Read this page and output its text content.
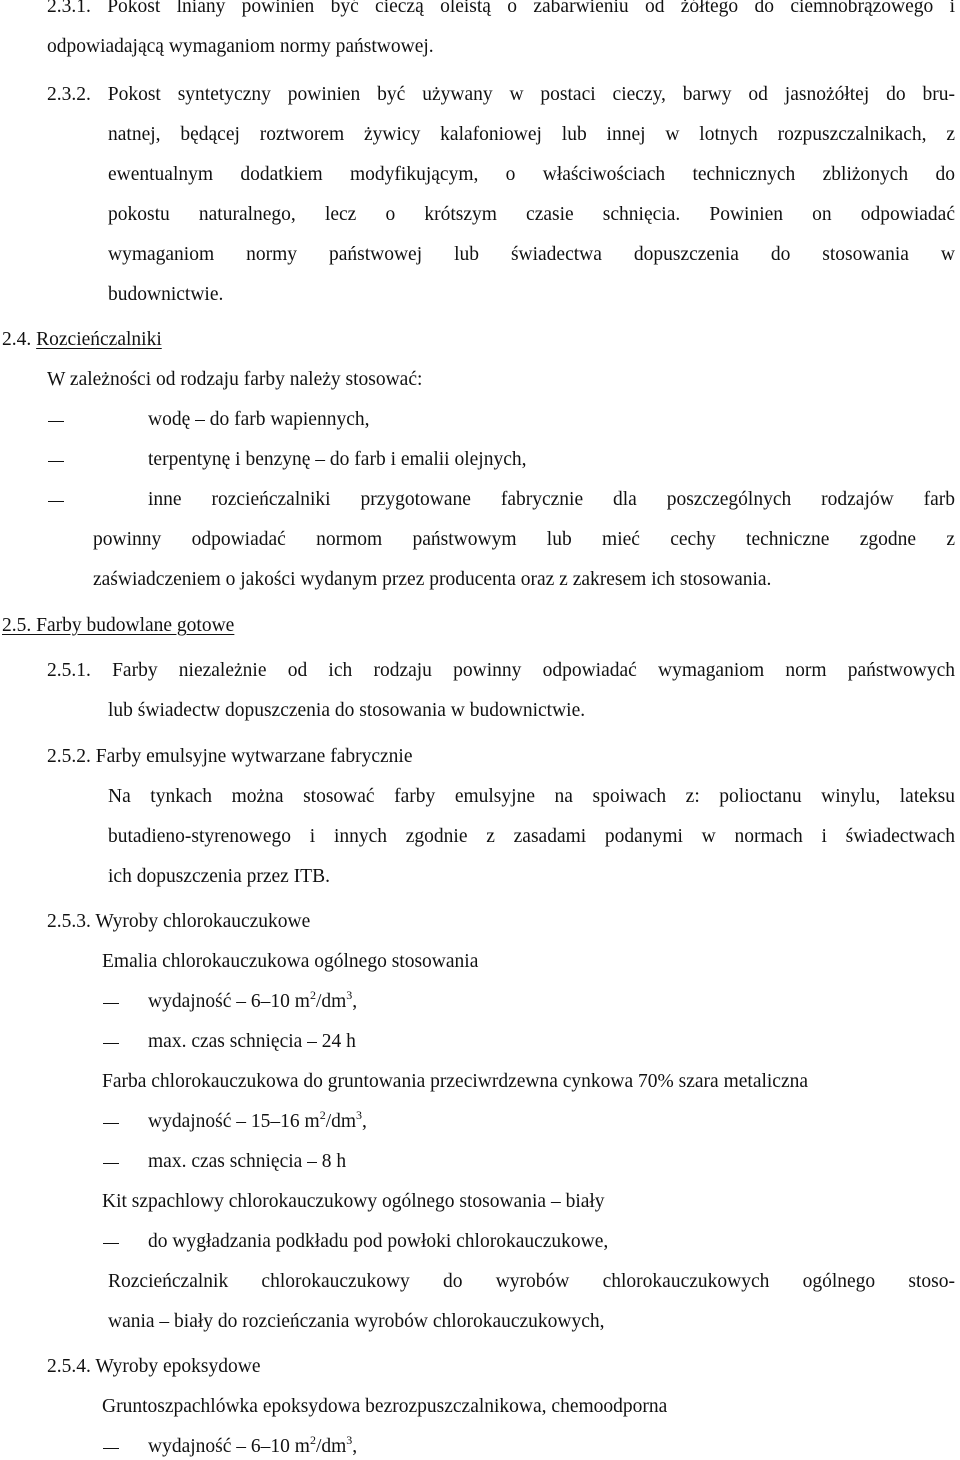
2.3.1. Pokost lniany powinien być cieczą oleistą o zabarwieniu od żółtego do ciemnobrązowego i

odpowiadającą wymaganiom normy państwowej.

2.3.2. Pokost syntetyczny powinien być używany w postaci cieczy, barwy od jasnożółtej do bru-

natnej, będącej roztworem żywicy kalafoniowej lub innej w lotnych rozpuszczalnikach, z

ewentualnym dodatkiem modyfikującym, o właściwościach technicznych zbliżonych do

pokostu naturalnego, lecz o krótszym czasie schnięcia. Powinien on odpowiadać

wymaganiom normy państwowej lub świadectwa dopuszczenia do stosowania w

budownictwie.

2.4. Rozcieńczalniki

W zależności od rodzaju farby należy stosować:

wodę – do farb wapiennych,

terpentynę i benzynę – do farb i emalii olejnych,

inne rozcieńczalniki przygotowane fabrycznie dla poszczególnych rodzajów farb

powinny odpowiadać normom państwowym lub mieć cechy techniczne zgodne z

zaświadczeniem o jakości wydanym przez producenta oraz z zakresem ich stosowania.

2.5. Farby budowlane gotowe

2.5.1. Farby niezależnie od ich rodzaju powinny odpowiadać wymaganiom norm państwowych

lub świadectw dopuszczenia do stosowania w budownictwie.

2.5.2. Farby emulsyjne wytwarzane fabrycznie

Na tynkach można stosować farby emulsyjne na spoiwach z: polioctanu winylu, lateksu

butadieno-styrenowego i innych zgodnie z zasadami podanymi w normach i świadectwach

ich dopuszczenia przez ITB.

2.5.3. Wyroby chlorokauczukowe

Emalia chlorokauczukowa ogólnego stosowania

wydajność – 6–10 $m^2/dm^3$,

max. czas schnięcia – 24 h

Farba chlorokauczukowa do gruntowania przeciwrdzewna cynkowa 70% szara metaliczna

wydajność – 15–16 $m^2/dm^3$,

max. czas schnięcia – 8 h

Kit szpachlowy chlorokauczukowy ogólnego stosowania – biały

do wygładzania podkładu pod powłoki chlorokauczukowe,

Rozcieńczalnik chlorokauczukowy do wyrobów chlorokauczukowych ogólnego stoso-

wania – biały do rozcieńczania wyrobów chlorokauczukowych,

2.5.4. Wyroby epoksydowe

Gruntoszpachlówka epoksydowa bezrozpuszczalnikowa, chemoodporna

wydajność – 6–10 $m^2/dm^3$,
